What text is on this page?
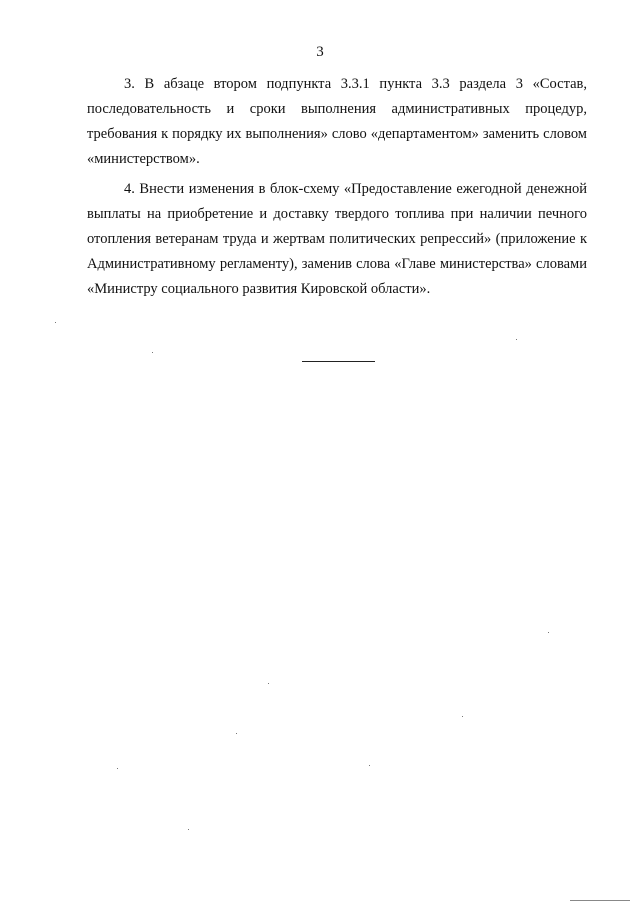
3

3. В абзаце втором подпункта 3.3.1 пункта 3.3 раздела 3 «Состав, последовательность и сроки выполнения административных процедур, требования к порядку их выполнения» слово «департаментом» заменить словом «министерством».

4. Внести изменения в блок-схему «Предоставление ежегодной денежной выплаты на приобретение и доставку твердого топлива при наличии печного отопления ветеранам труда и жертвам политических репрессий» (приложение к Административному регламенту), заменив слова «Главе министерства» словами «Министру социального развития Кировской области».
